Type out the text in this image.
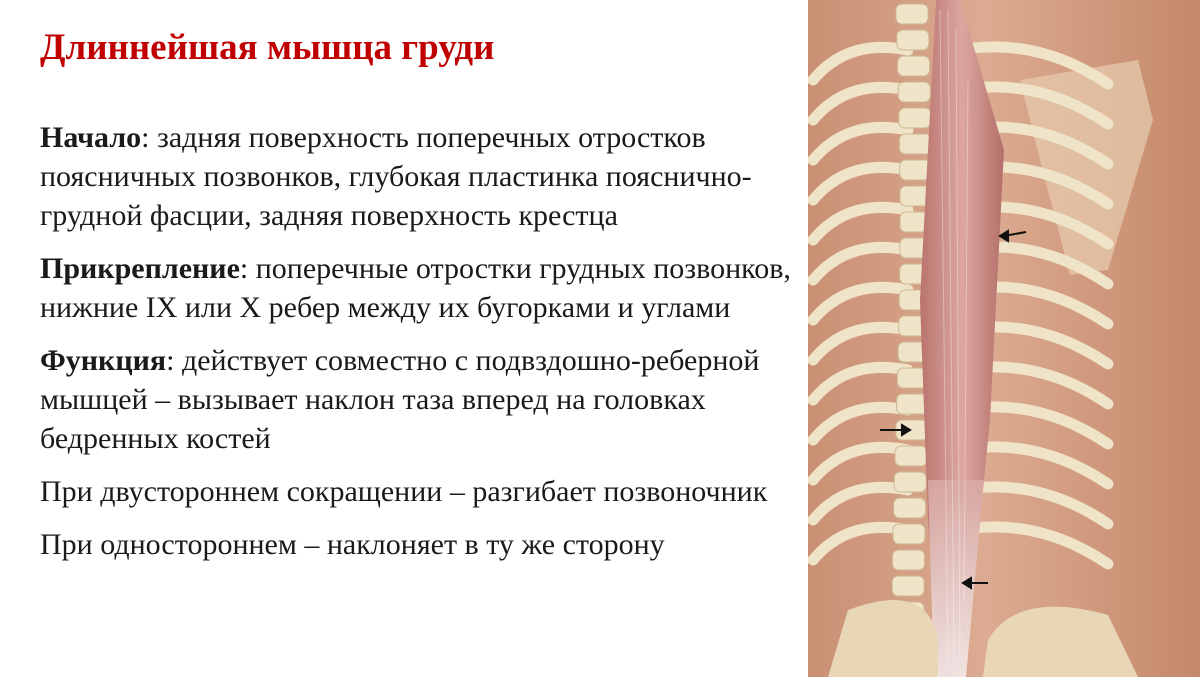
Длиннейшая мышца груди

Начало: задняя поверхность поперечных отростков поясничных позвонков, глубокая пластинка пояснично-грудной фасции, задняя поверхность крестца

Прикрепление: поперечные отростки грудных позвонков, нижние IX или X ребер между их бугорками и углами

Функция: действует совместно с подвздошно-реберной мышцей – вызывает наклон таза вперед на головках бедренных костей

При двустороннем сокращении – разгибает позвоночник

При одностороннем – наклоняет в ту же сторону
